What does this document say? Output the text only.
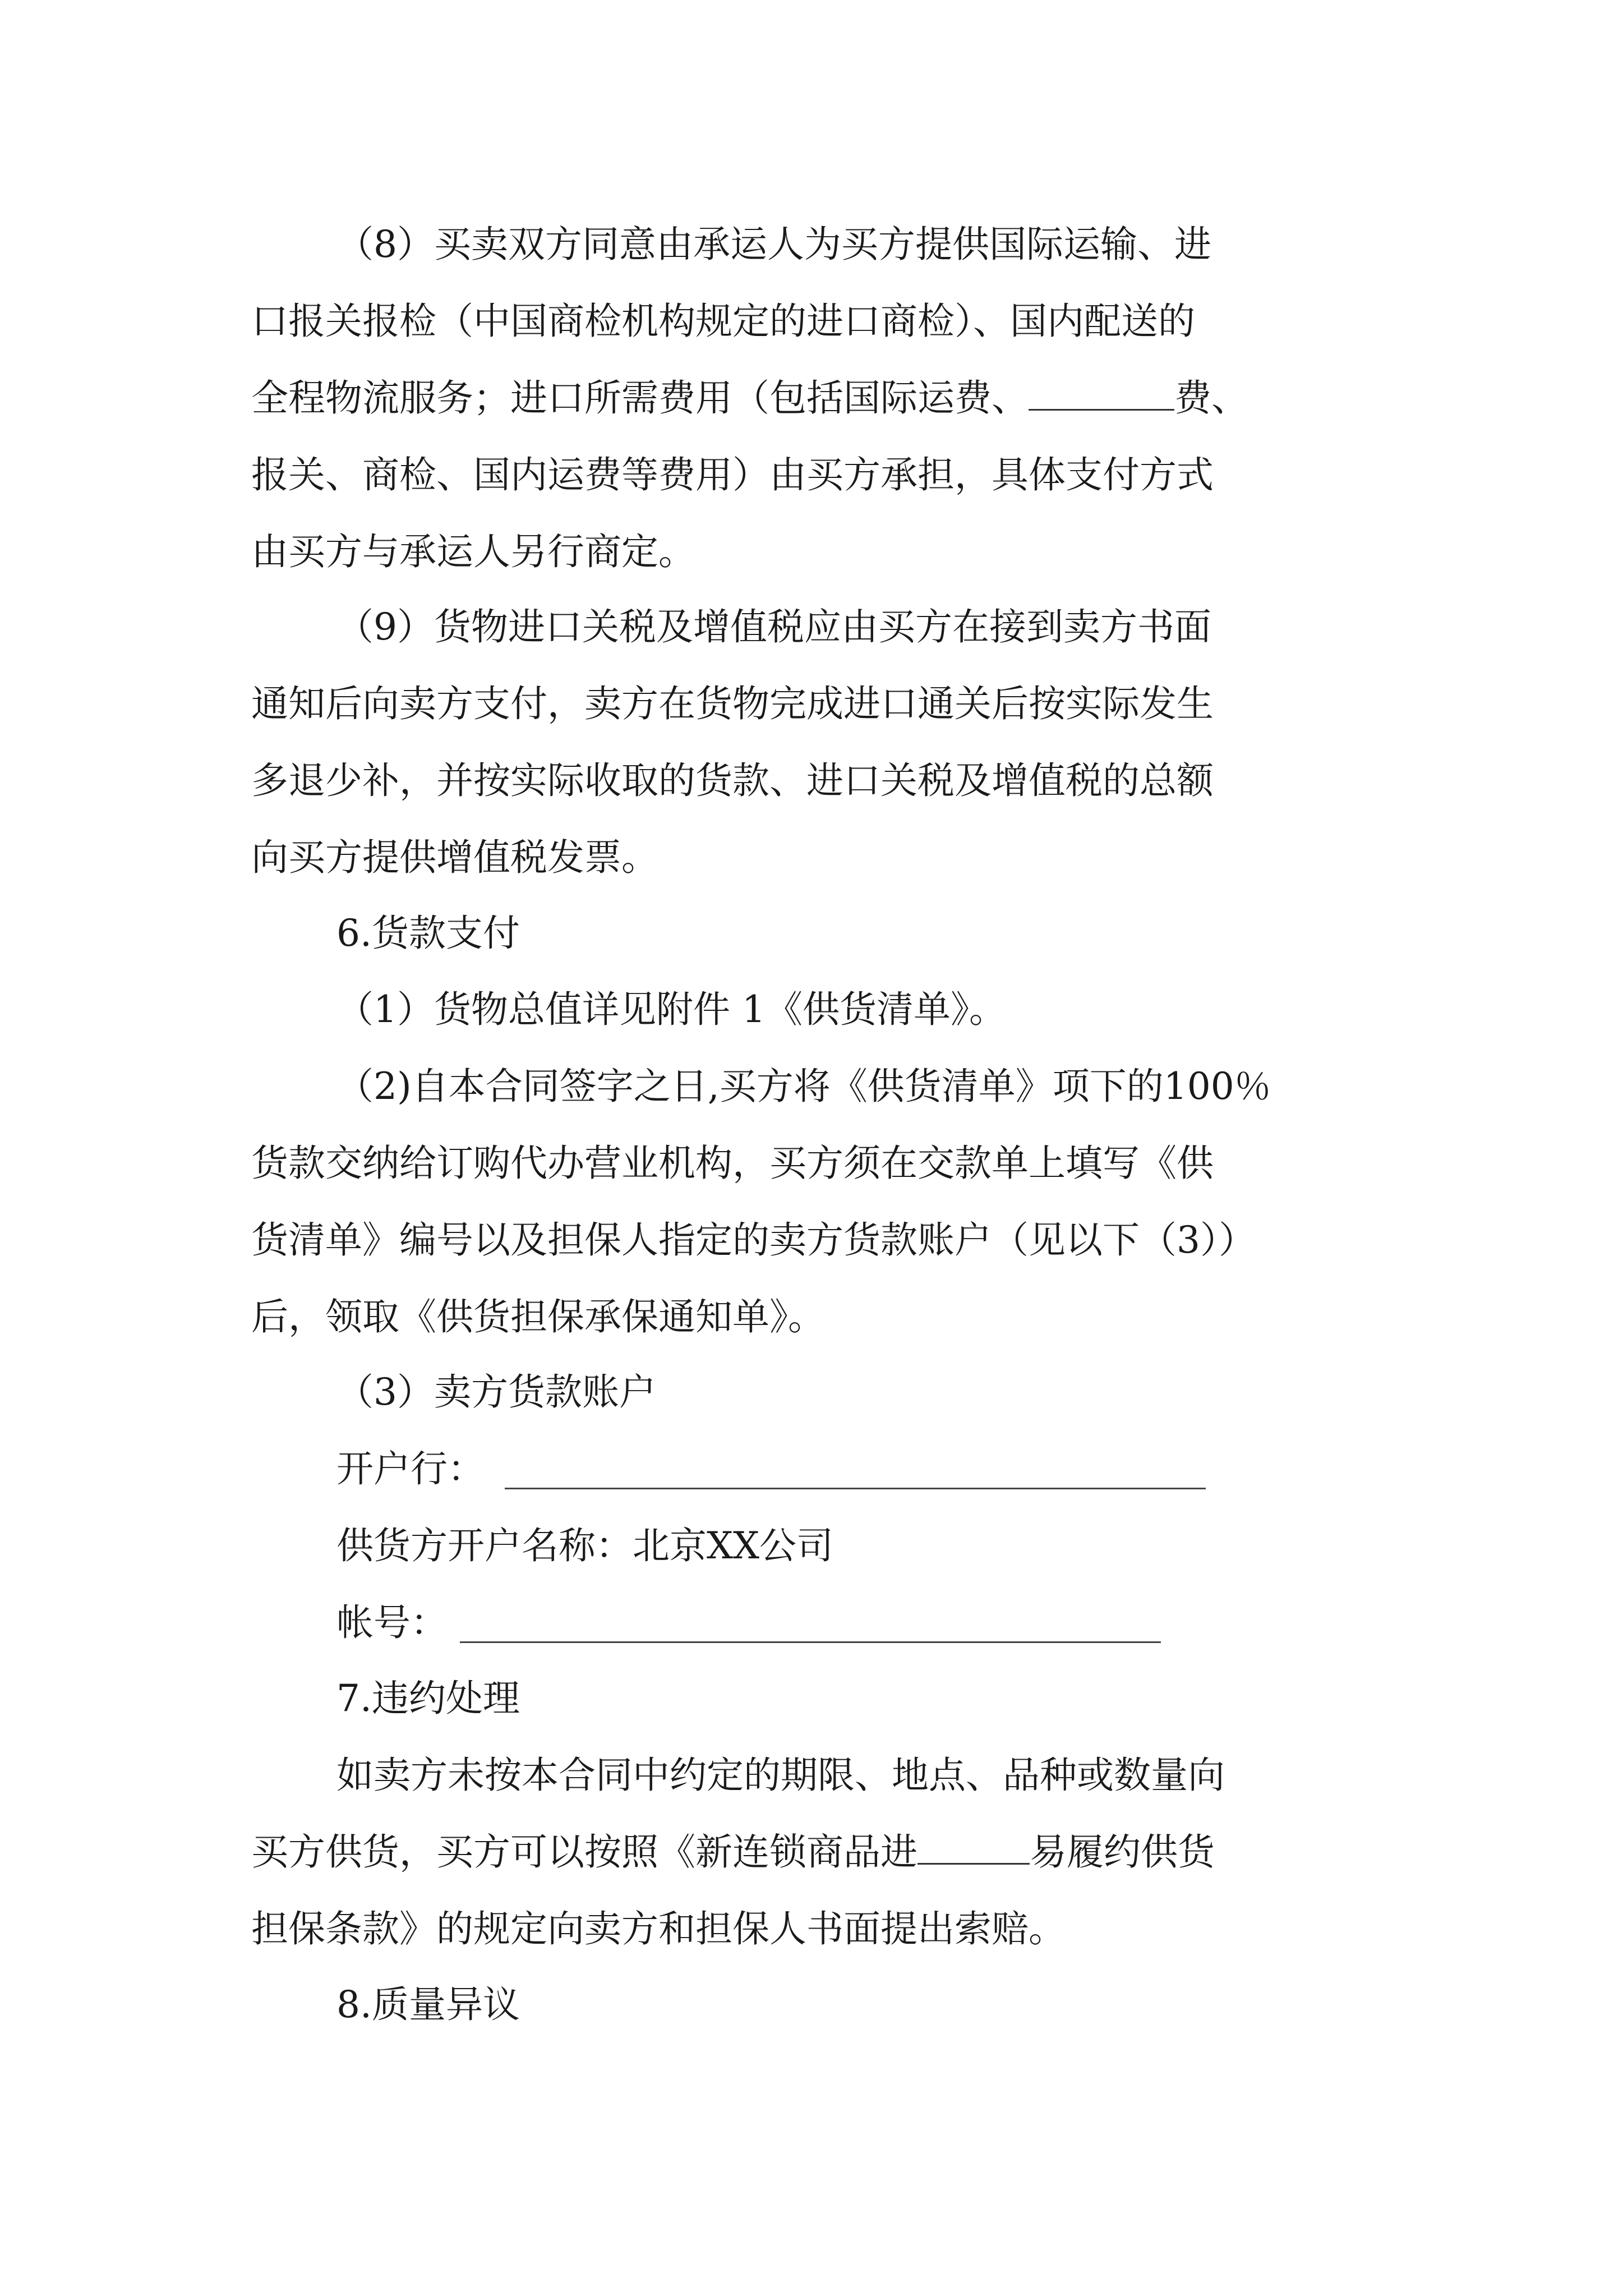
（8）买卖双方同意由承运人为买方提供国际运输、进
口报关报检（中国商检机构规定的进口商检）、国内配送的
全程物流服务；进口所需费用（包括国际运费、	费、
报关、商检、国内运费等费用）由买方承担，具体支付方式
由买方与承运人另行商定。
（9）货物进口关税及增值税应由买方在接到卖方书面
通知后向卖方支付，卖方在货物完成进口通关后按实际发生
多退少补，并按实际收取的货款、进口关税及增值税的总额
向买方提供增值税发票。
6.货款支付
（1）货物总值详见附件 1《供货清单》。
（2)自本合同签字之日,买方将《供货清单》项下的100％
货款交纳给订购代办营业机构，买方须在交款单上填写《供
货清单》编号以及担保人指定的卖方货款账户（见以下（3））
后，领取《供货担保承保通知单》。
（3）卖方货款账户
开户行：
供货方开户名称：北京XX公司
帐号：
7.违约处理
如卖方未按本合同中约定的期限、地点、品种或数量向
买方供货，买方可以按照《新连锁商品进	易履约供货
担保条款》的规定向卖方和担保人书面提出索赔。
8.质量异议
